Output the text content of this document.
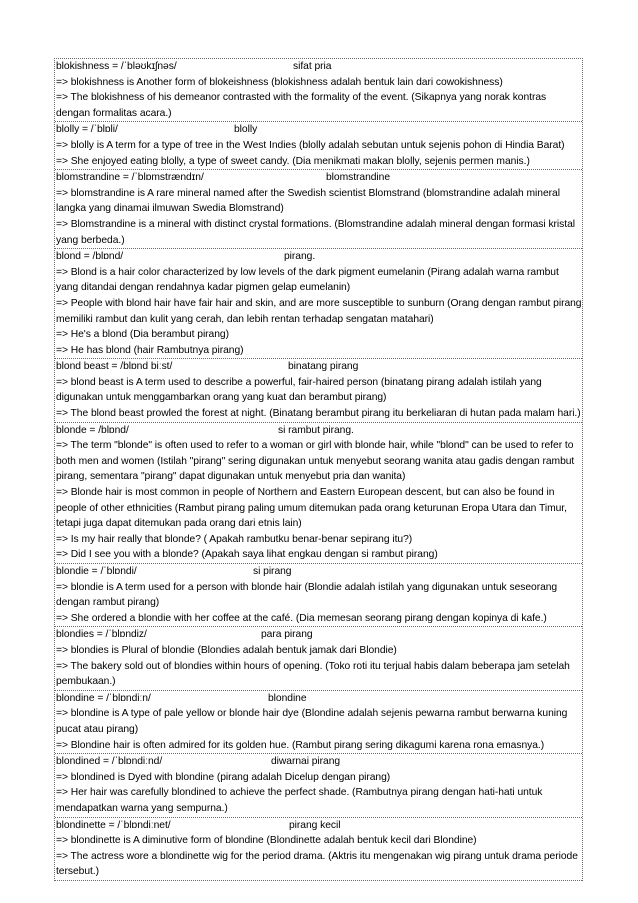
blokishness = /ˈbləʊkɪʃnəs/	sifat pria
=> blokishness is Another form of blokeishness (blokishness adalah bentuk lain dari cowokishness)
=> The blokishness of his demeanor contrasted with the formality of the event. (Sikapnya yang norak kontras dengan formalitas acara.)
blolly = /ˈblɒli/	blolly
=> blolly is A term for a type of tree in the West Indies (blolly adalah sebutan untuk sejenis pohon di Hindia Barat)
=> She enjoyed eating blolly, a type of sweet candy. (Dia menikmati makan blolly, sejenis permen manis.)
blomstrandine = /ˈblɒmstrændɪn/	blomstrandine
=> blomstrandine is A rare mineral named after the Swedish scientist Blomstrand (blomstrandine adalah mineral langka yang dinamai ilmuwan Swedia Blomstrand)
=> Blomstrandine is a mineral with distinct crystal formations. (Blomstrandine adalah mineral dengan formasi kristal yang berbeda.)
blond = /blɒnd/	pirang.
=> Blond is a hair color characterized by low levels of the dark pigment eumelanin (Pirang adalah warna rambut yang ditandai dengan rendahnya kadar pigmen gelap eumelanin)
=> People with blond hair have fair hair and skin, and are more susceptible to sunburn (Orang dengan rambut pirang memiliki rambut dan kulit yang cerah, dan lebih rentan terhadap sengatan matahari)
=> He's a blond (Dia berambut pirang)
=> He has blond (hair Rambutnya pirang)
blond beast = /blɒnd biːst/	binatang pirang
=> blond beast is A term used to describe a powerful, fair-haired person (binatang pirang adalah istilah yang digunakan untuk menggambarkan orang yang kuat dan berambut pirang)
=> The blond beast prowled the forest at night. (Binatang berambut pirang itu berkeliaran di hutan pada malam hari.)
blonde = /blɒnd/	si rambut pirang.
=> The term "blonde" is often used to refer to a woman or girl with blonde hair, while "blond" can be used to refer to both men and women (Istilah "pirang" sering digunakan untuk menyebut seorang wanita atau gadis dengan rambut pirang, sementara "pirang" dapat digunakan untuk menyebut pria dan wanita)
=> Blonde hair is most common in people of Northern and Eastern European descent, but can also be found in people of other ethnicities (Rambut pirang paling umum ditemukan pada orang keturunan Eropa Utara dan Timur, tetapi juga dapat ditemukan pada orang dari etnis lain)
=> Is my hair really that blonde? ( Apakah rambutku benar-benar sepirang itu?)
=> Did I see you with a blonde? (Apakah saya lihat engkau dengan si rambut pirang)
blondie = /ˈblɒndi/	si pirang
=> blondie is A term used for a person with blonde hair (Blondie adalah istilah yang digunakan untuk seseorang dengan rambut pirang)
=> She ordered a blondie with her coffee at the café. (Dia memesan seorang pirang dengan kopinya di kafe.)
blondies = /ˈblɒndiz/	para pirang
=> blondies is Plural of blondie (Blondies adalah bentuk jamak dari Blondie)
=> The bakery sold out of blondies within hours of opening. (Toko roti itu terjual habis dalam beberapa jam setelah pembukaan.)
blondine = /ˈblɒndiːn/	blondine
=> blondine is A type of pale yellow or blonde hair dye (Blondine adalah sejenis pewarna rambut berwarna kuning pucat atau pirang)
=> Blondine hair is often admired for its golden hue. (Rambut pirang sering dikagumi karena rona emasnya.)
blondined = /ˈblɒndiːnd/	diwarnai pirang
=> blondined is Dyed with blondine (pirang adalah Dicelup dengan pirang)
=> Her hair was carefully blondined to achieve the perfect shade. (Rambutnya pirang dengan hati-hati untuk mendapatkan warna yang sempurna.)
blondinette = /ˈblɒndiːnet/	pirang kecil
=> blondinette is A diminutive form of blondine (Blondinette adalah bentuk kecil dari Blondine)
=> The actress wore a blondinette wig for the period drama. (Aktris itu mengenakan wig pirang untuk drama periode tersebut.)
